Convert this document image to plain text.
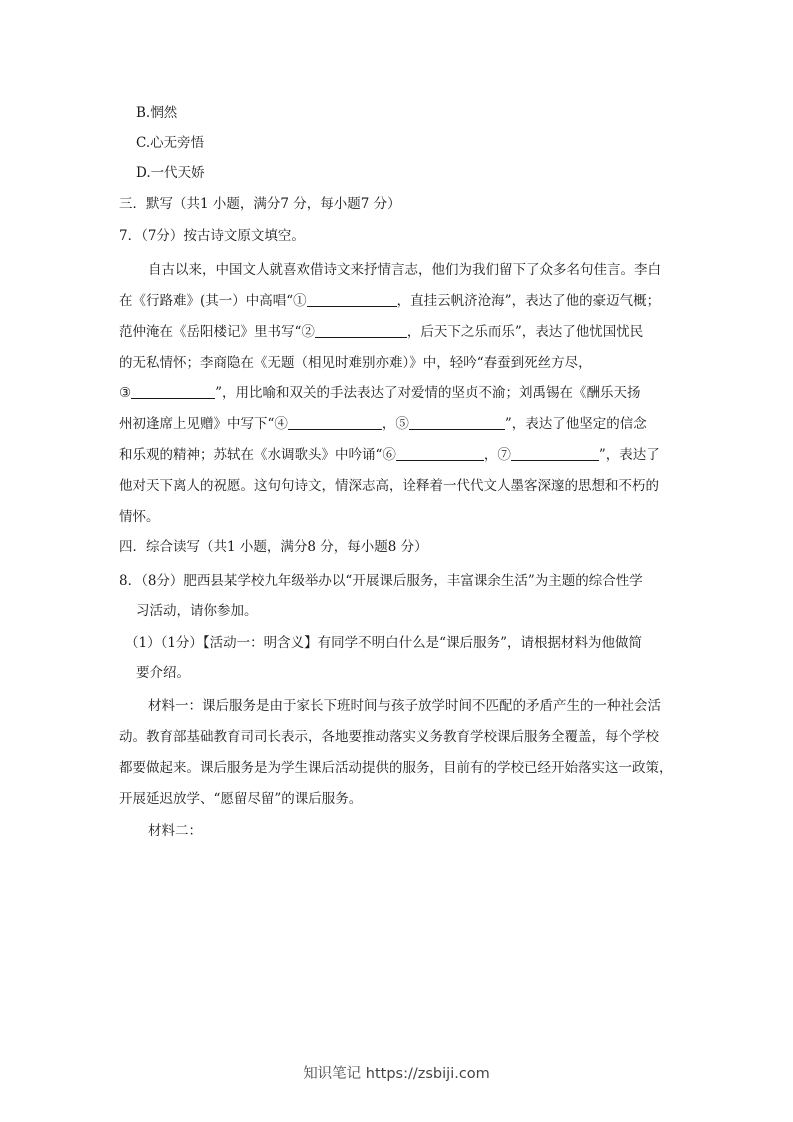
B.惘然
C.心无旁悟
D.一代天娇
三．默写（共1 小题，满分7 分，每小题7 分）
7．（7分）按古诗文原文填空。
自古以来，中国文人就喜欢借诗文来抒情言志，他们为我们留下了众多名句佳言。李白
在《行路难》(其一）中高唱“①	，直挂云帆济沧海”，表达了他的豪迈气概；
范仲淹在《岳阳楼记》里书写“②	，后天下之乐而乐”，表达了他忧国忧民
的无私情怀；李商隐在《无题（相见时难别亦难）》中，轻吟“春蚕到死丝方尽，
③	”，用比喻和双关的手法表达了对爱情的坚贞不渝；刘禹锡在《酬乐天扬
州初逢席上见赠》中写下“④	，⑤	”，表达了他坚定的信念
和乐观的精神；苏轼在《水调歌头》中吟诵“⑥	，⑦	”，表达了
他对天下离人的祝愿。这句句诗文，情深志高，诠释着一代代文人墨客深邃的思想和不朽的
情怀。
四．综合读写（共1 小题，满分8 分，每小题8 分）
8．（8分）肥西县某学校九年级举办以“开展课后服务，丰富课余生活”为主题的综合性学
习活动，请你参加。
（1）（1分）【活动一：明含义】有同学不明白什么是“课后服务”，请根据材料为他做简
要介绍。
材料一：课后服务是由于家长下班时间与孩子放学时间不匹配的矛盾产生的一种社会活
动。教育部基础教育司司长表示，各地要推动落实义务教育学校课后服务全覆盖，每个学校
都要做起来。课后服务是为学生课后活动提供的服务，目前有的学校已经开始落实这一政策，
开展延迟放学、“愿留尽留”的课后服务。
材料二：
知识笔记 https://zsbiji.com
